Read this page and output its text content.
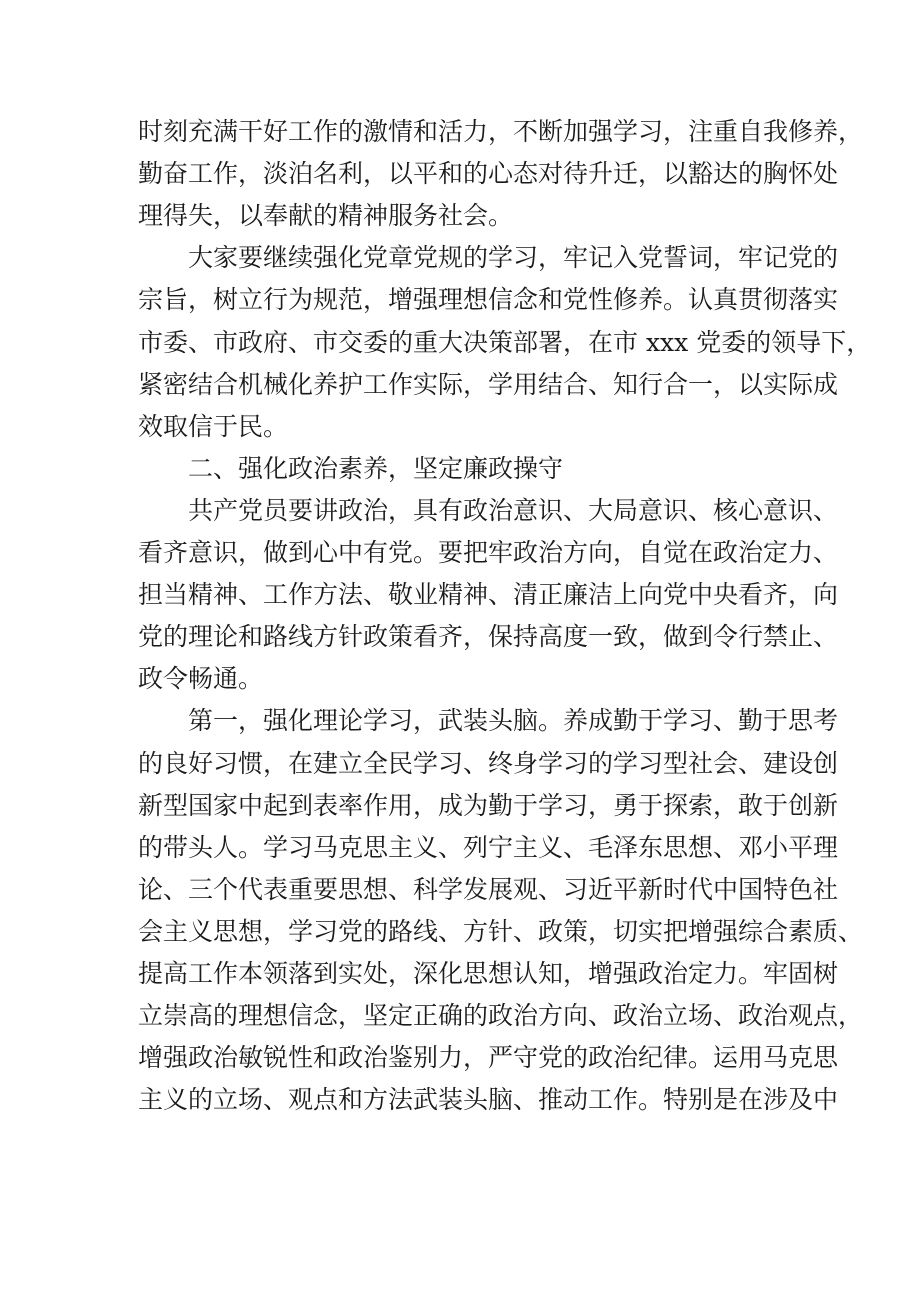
时刻充满干好工作的激情和活力，不断加强学习，注重自我修养，
勤奋工作，淡泊名利，以平和的心态对待升迁，以豁达的胸怀处
理得失，以奉献的精神服务社会。
大家要继续强化党章党规的学习，牢记入党誓词，牢记党的
宗旨，树立行为规范，增强理想信念和党性修养。认真贯彻落实
市委、市政府、市交委的重大决策部署，在市 xxx 党委的领导下，
紧密结合机械化养护工作实际，学用结合、知行合一，以实际成
效取信于民。
二、强化政治素养，坚定廉政操守
共产党员要讲政治，具有政治意识、大局意识、核心意识、
看齐意识，做到心中有党。要把牢政治方向，自觉在政治定力、
担当精神、工作方法、敬业精神、清正廉洁上向党中央看齐，向
党的理论和路线方针政策看齐，保持高度一致，做到令行禁止、
政令畅通。
第一，强化理论学习，武装头脑。养成勤于学习、勤于思考
的良好习惯，在建立全民学习、终身学习的学习型社会、建设创
新型国家中起到表率作用，成为勤于学习，勇于探索，敢于创新
的带头人。学习马克思主义、列宁主义、毛泽东思想、邓小平理
论、三个代表重要思想、科学发展观、习近平新时代中国特色社
会主义思想，学习党的路线、方针、政策，切实把增强综合素质、
提高工作本领落到实处，深化思想认知，增强政治定力。牢固树
立崇高的理想信念，坚定正确的政治方向、政治立场、政治观点，
增强政治敏锐性和政治鉴别力，严守党的政治纪律。运用马克思
主义的立场、观点和方法武装头脑、推动工作。特别是在涉及中
